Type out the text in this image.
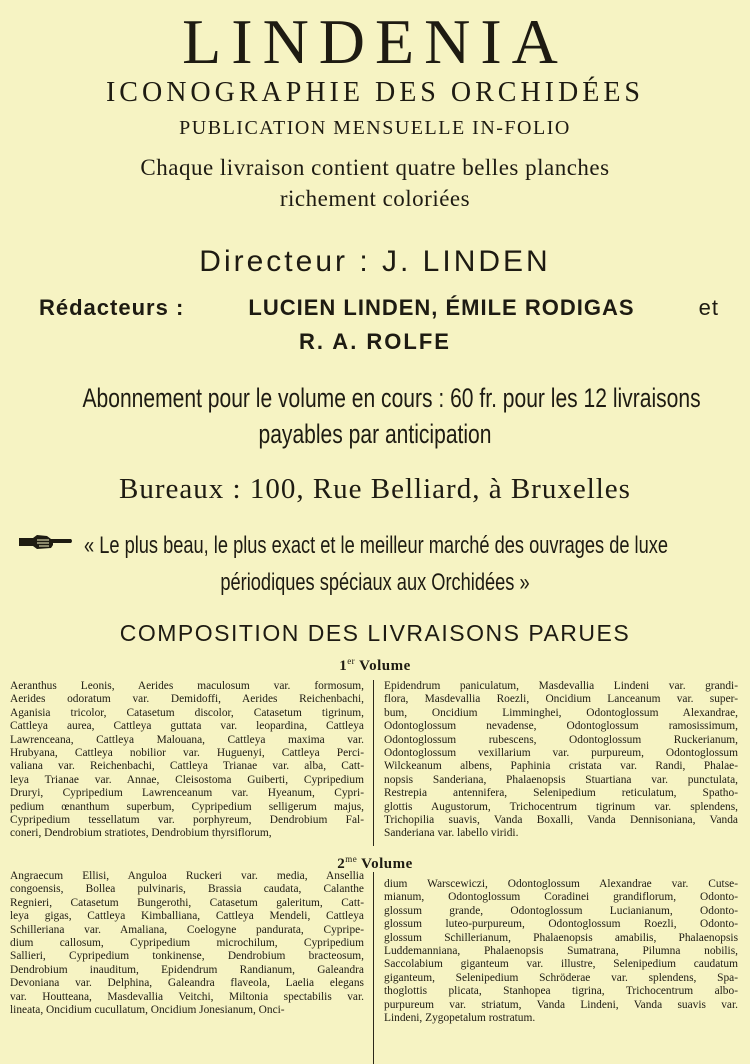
LINDENIA
ICONOGRAPHIE DES ORCHIDÉES
PUBLICATION MENSUELLE IN-FOLIO
Chaque livraison contient quatre belles planches
richement coloriées
Directeur : J. LINDEN
Rédacteurs :	LUCIEN LINDEN, ÉMILE RODIGAS	et
R. A. ROLFE
Abonnement pour le volume en cours : 60 fr. pour les 12 livraisons
payables par anticipation
Bureaux : 100, Rue Belliard, à Bruxelles
« Le plus beau, le plus exact et le meilleur marché des ouvrages de luxe
périodiques spéciaux aux Orchidées »
COMPOSITION DES LIVRAISONS PARUES
1er Volume
Aeranthus Leonis, Aerides maculosum var. formosum,
Aerides odoratum var. Demidoffi, Aerides Reichenbachi,
Aganisia tricolor, Catasetum discolor, Catasetum tigrinum,
Cattleya aurea, Cattleya guttata var. leopardina, Cattleya
Lawrenceana, Cattleya Malouana, Cattleya maxima var.
Hrubyana, Cattleya nobilior var. Huguenyi, Cattleya Perci-
valiana var. Reichenbachi, Cattleya Trianae var. alba, Catt-
leya Trianae var. Annae, Cleisostoma Guiberti, Cypripedium
Druryi, Cypripedium Lawrenceanum var. Hyeanum, Cypri-
pedium œnanthum superbum, Cypripedium selligerum majus,
Cypripedium tessellatum var. porphyreum, Dendrobium Fal-
coneri, Dendrobium stratiotes, Dendrobium thyrsiflorum,
Epidendrum paniculatum, Masdevallia Lindeni var. grandi-
flora, Masdevallia Roezli, Oncidium Lanceanum var. super-
bum, Oncidium Limminghei, Odontoglossum Alexandrae,
Odontoglossum nevadense, Odontoglossum ramosissimum,
Odontoglossum rubescens, Odontoglossum Ruckerianum,
Odontoglossum vexillarium var. purpureum, Odontoglossum
Wilckeanum albens, Paphinia cristata var. Randi, Phalae-
nopsis Sanderiana, Phalaenopsis Stuartiana var. punctulata,
Restrepia antennifera, Selenipedium reticulatum, Spatho-
glottis Augustorum, Trichocentrum tigrinum var. splendens,
Trichopilia suavis, Vanda Boxalli, Vanda Dennisoniana, Vanda
Sanderiana var. labello viridi.
$2^{me}$ Volume
Angraecum Ellisi, Anguloa Ruckeri var. media, Ansellia
congoensis, Bollea pulvinaris, Brassia caudata, Calanthe
Regnieri, Catasetum Bungerothi, Catasetum galeritum, Catt-
leya gigas, Cattleya Kimballiana, Cattleya Mendeli, Cattleya
Schilleriana var. Amaliana, Coelogyne pandurata, Cypripe-
dium callosum, Cypripedium microchilum, Cypripedium
Sallieri, Cypripedium tonkinense, Dendrobium bracteosum,
Dendrobium inauditum, Epidendrum Randianum, Galeandra
Devoniana var. Delphina, Galeandra flaveola, Laelia elegans
var. Houtteana, Masdevallia Veitchi, Miltonia spectabilis var.
lineata, Oncidium cucullatum, Oncidium Jonesianum, Onci-
dium Warscewiczi, Odontoglossum Alexandrae var. Cutse-
mianum, Odontoglossum Coradinei grandiflorum, Odonto-
glossum grande, Odontoglossum Lucianianum, Odonto-
glossum luteo-purpureum, Odontoglossum Roezli, Odonto-
glossum Schillerianum, Phalaenopsis amabilis, Phalaenopsis
Luddemanniana, Phalaenopsis Sumatrana, Pilumna nobilis,
Saccolabium giganteum var. illustre, Selenipedium caudatum
giganteum, Selenipedium Schröderae var. splendens, Spa-
thoglottis plicata, Stanhopea tigrina, Trichocentrum albo-
purpureum var. striatum, Vanda Lindeni, Vanda suavis var.
Lindeni, Zygopetalum rostratum.
